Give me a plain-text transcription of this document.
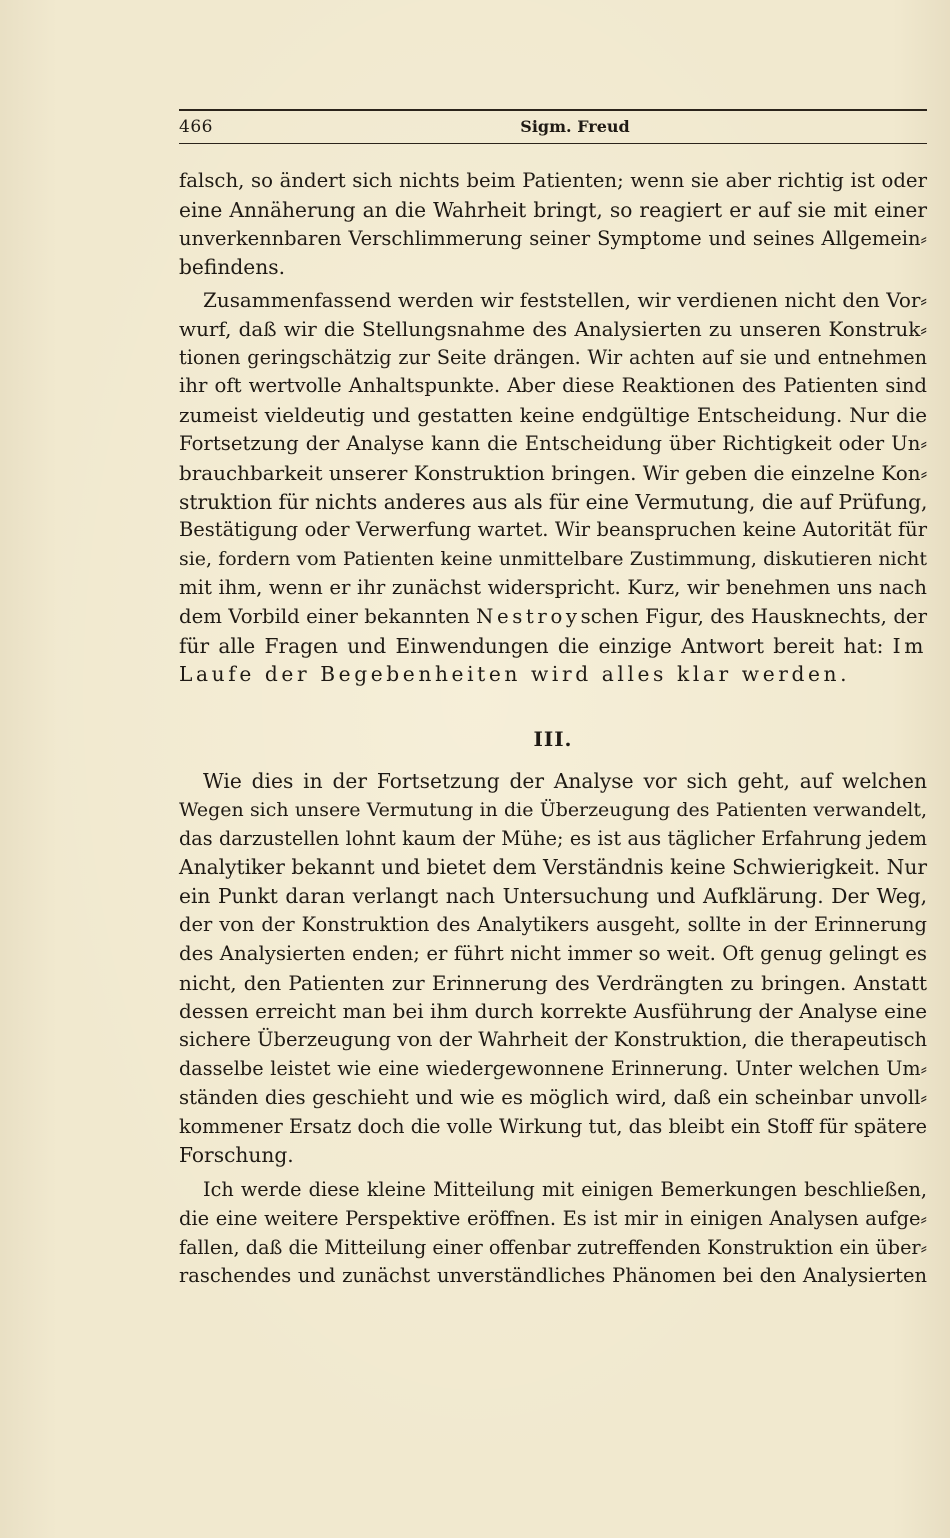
466	Sigm. Freud
falsch, so ändert sich nichts beim Patienten; wenn sie aber richtig ist oder
eine Annäherung an die Wahrheit bringt, so reagiert er auf sie mit einer
unverkennbaren Verschlimmerung seiner Symptome und seines Allgemein⸗
befindens.
Zusammenfassend werden wir feststellen, wir verdienen nicht den Vor⸗
wurf, daß wir die Stellungsnahme des Analysierten zu unseren Konstruk⸗
tionen geringschätzig zur Seite drängen. Wir achten auf sie und entnehmen
ihr oft wertvolle Anhaltspunkte. Aber diese Reaktionen des Patienten sind
zumeist vieldeutig und gestatten keine endgültige Entscheidung. Nur die
Fortsetzung der Analyse kann die Entscheidung über Richtigkeit oder Un⸗
brauchbarkeit unserer Konstruktion bringen. Wir geben die einzelne Kon⸗
struktion für nichts anderes aus als für eine Vermutung, die auf Prüfung,
Bestätigung oder Verwerfung wartet. Wir beanspruchen keine Autorität für
sie, fordern vom Patienten keine unmittelbare Zustimmung, diskutieren nicht
mit ihm, wenn er ihr zunächst widerspricht. Kurz, wir benehmen uns nach
dem Vorbild einer bekannten Nestroyschen Figur, des Hausknechts, der
für alle Fragen und Einwendungen die einzige Antwort bereit hat: Im
Laufe der Begebenheiten wird alles klar werden.
III.
Wie dies in der Fortsetzung der Analyse vor sich geht, auf welchen
Wegen sich unsere Vermutung in die Überzeugung des Patienten verwandelt,
das darzustellen lohnt kaum der Mühe; es ist aus täglicher Erfahrung jedem
Analytiker bekannt und bietet dem Verständnis keine Schwierigkeit. Nur
ein Punkt daran verlangt nach Untersuchung und Aufklärung. Der Weg,
der von der Konstruktion des Analytikers ausgeht, sollte in der Erinnerung
des Analysierten enden; er führt nicht immer so weit. Oft genug gelingt es
nicht, den Patienten zur Erinnerung des Verdrängten zu bringen. Anstatt
dessen erreicht man bei ihm durch korrekte Ausführung der Analyse eine
sichere Überzeugung von der Wahrheit der Konstruktion, die therapeutisch
dasselbe leistet wie eine wiedergewonnene Erinnerung. Unter welchen Um⸗
ständen dies geschieht und wie es möglich wird, daß ein scheinbar unvoll⸗
kommener Ersatz doch die volle Wirkung tut, das bleibt ein Stoff für spätere
Forschung.
Ich werde diese kleine Mitteilung mit einigen Bemerkungen beschließen,
die eine weitere Perspektive eröffnen. Es ist mir in einigen Analysen aufge⸗
fallen, daß die Mitteilung einer offenbar zutreffenden Konstruktion ein über⸗
raschendes und zunächst unverständliches Phänomen bei den Analysierten
